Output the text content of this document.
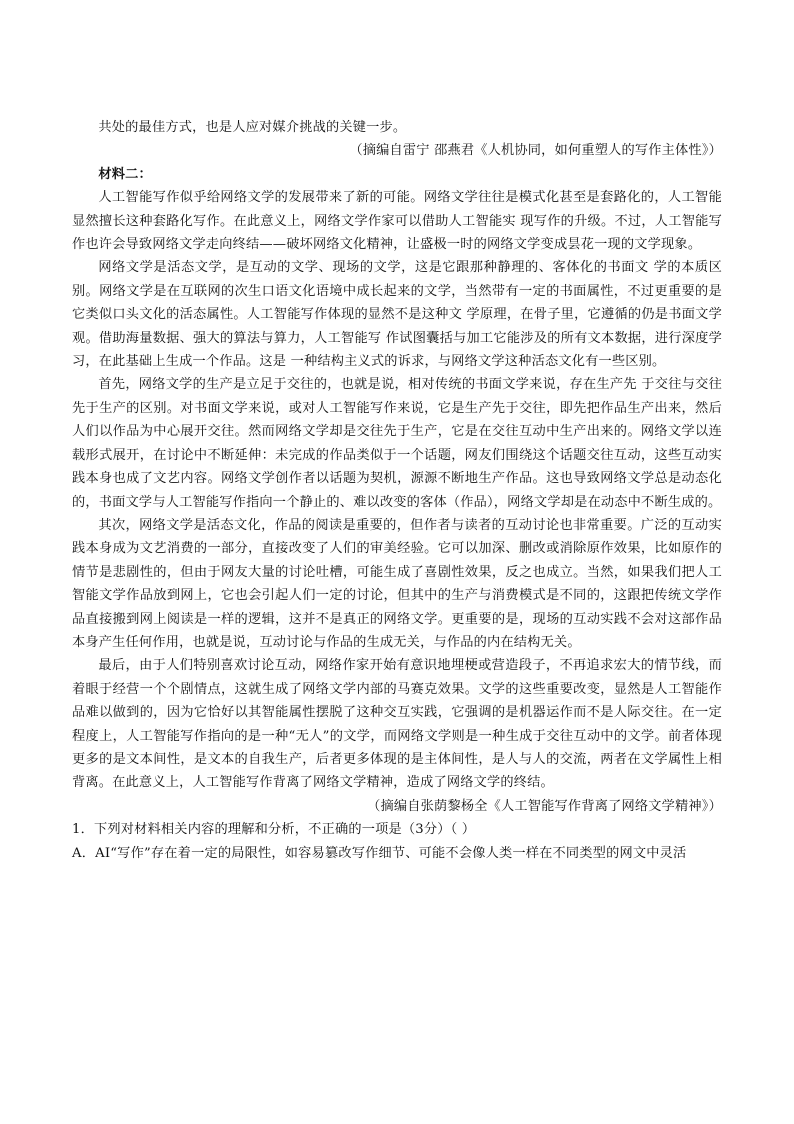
共处的最佳方式，也是人应对媒介挑战的关键一步。

（摘编自雷宁 邵燕君《人机协同，如何重塑人的写作主体性》）

材料二：

人工智能写作似乎给网络文学的发展带来了新的可能。网络文学往往是模式化甚至是套路化的，人工智能显然擅长这种套路化写作。在此意义上，网络文学作家可以借助人工智能实 现写作的升级。不过，人工智能写作也许会导致网络文学走向终结——破坏网络文化精神，让盛极一时的网络文学变成昙花一现的文学现象。

网络文学是活态文学，是互动的文学、现场的文学，这是它跟那种静理的、客体化的书面文 学的本质区别。网络文学是在互联网的次生口语文化语境中成长起来的文学，当然带有一定的书面属性，不过更重要的是它类似口头文化的活态属性。人工智能写作体现的显然不是这种文 学原理，在骨子里，它遵循的仍是书面文学观。借助海量数据、强大的算法与算力，人工智能写 作试图囊括与加工它能涉及的所有文本数据，进行深度学习，在此基础上生成一个作品。这是 一种结构主义式的诉求，与网络文学这种活态文化有一些区别。

首先，网络文学的生产是立足于交往的，也就是说，相对传统的书面文学来说，存在生产先 于交往与交往先于生产的区别。对书面文学来说，或对人工智能写作来说，它是生产先于交往，即先把作品生产出来，然后人们以作品为中心展开交往。然而网络文学却是交往先于生产，它是在交往互动中生产出来的。网络文学以连载形式展开，在讨论中不断延伸：未完成的作品类似于一个话题，网友们围绕这个话题交往互动，这些互动实践本身也成了文艺内容。网络文学创作者以话题为契机，源源不断地生产作品。这也导致网络文学总是动态化的，书面文学与人工智能写作指向一个静止的、难以改变的客体（作品），网络文学却是在动态中不断生成的。

其次，网络文学是活态文化，作品的阅读是重要的，但作者与读者的互动讨论也非常重要。广泛的互动实践本身成为文艺消费的一部分，直接改变了人们的审美经验。它可以加深、删改或消除原作效果，比如原作的情节是悲剧性的，但由于网友大量的讨论吐槽，可能生成了喜剧性效果，反之也成立。当然，如果我们把人工智能文学作品放到网上，它也会引起人们一定的讨论，但其中的生产与消费模式是不同的，这跟把传统文学作品直接搬到网上阅读是一样的逻辑，这并不是真正的网络文学。更重要的是，现场的互动实践不会对这部作品本身产生任何作用，也就是说，互动讨论与作品的生成无关，与作品的内在结构无关。

最后，由于人们特别喜欢讨论互动，网络作家开始有意识地埋梗或营造段子，不再追求宏大的情节线，而着眼于经营一个个剧情点，这就生成了网络文学内部的马赛克效果。文学的这些重要改变，显然是人工智能作品难以做到的，因为它恰好以其智能属性摆脱了这种交互实践，它强调的是机器运作而不是人际交往。在一定程度上，人工智能写作指向的是一种“无人”的文学，而网络文学则是一种生成于交往互动中的文学。前者体现更多的是文本间性，是文本的自我生产，后者更多体现的是主体间性，是人与人的交流，两者在文学属性上相背离。在此意义上，人工智能写作背离了网络文学精神，造成了网络文学的终结。

（摘编自张荫黎杨全《人工智能写作背离了网络文学精神》）

1．下列对材料相关内容的理解和分析，不正确的一项是（3分）（ ）

A．AI“写作”存在着一定的局限性，如容易篡改写作细节、可能不会像人类一样在不同类型的网文中灵活
